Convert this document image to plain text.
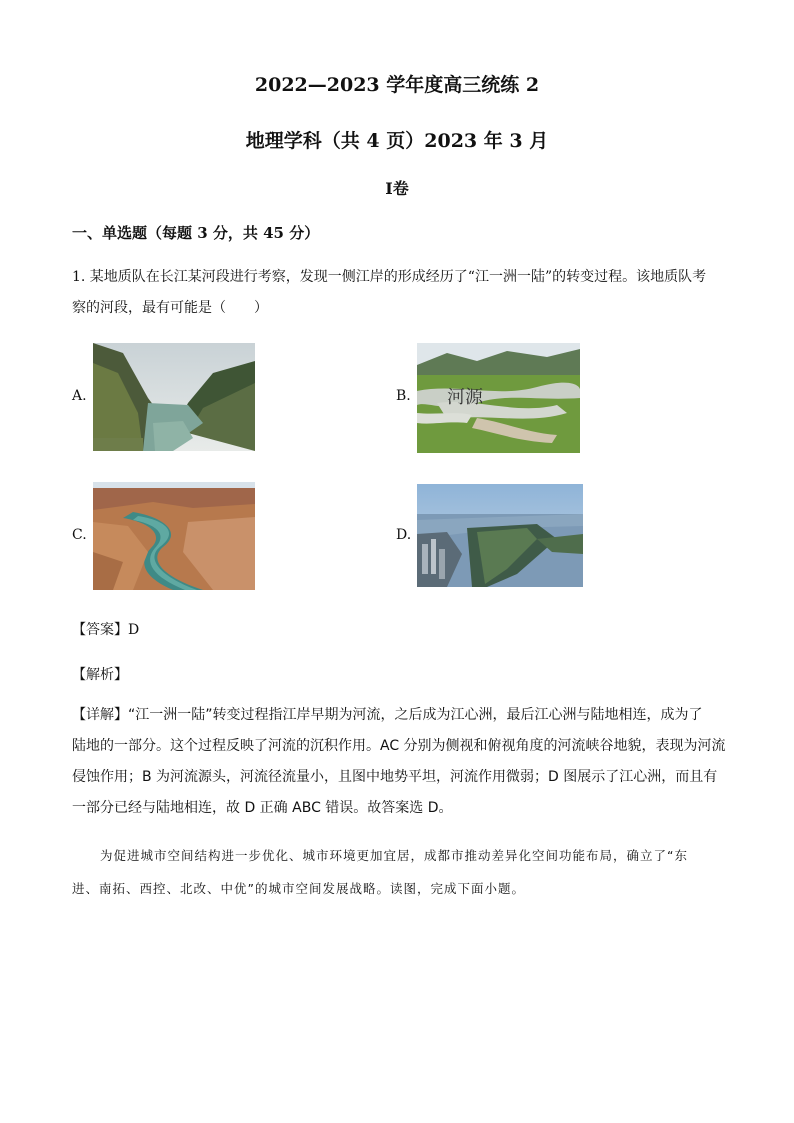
2022—2023 学年度高三统练 2
地理学科（共 4 页）2023 年 3 月
Ⅰ卷
一、单选题（每题 3 分，共 45 分）
1. 某地质队在长江某河段进行考察，发现一侧江岸的形成经历了“江一洲一陆”的转变过程。该地质队考
察的河段，最有可能是（　　）
A.	B. 河源
C.	D.
【答案】D
【解析】
【详解】“江一洲一陆”转变过程指江岸早期为河流，之后成为江心洲，最后江心洲与陆地相连，成为了
陆地的一部分。这个过程反映了河流的沉积作用。AC 分别为侧视和俯视角度的河流峡谷地貌，表现为河流
侵蚀作用；B 为河流源头，河流径流量小，且图中地势平坦，河流作用微弱；D 图展示了江心洲，而且有
一部分已经与陆地相连，故 D 正确 ABC 错误。故答案选 D。
为促进城市空间结构进一步优化、城市环境更加宜居，成都市推动差异化空间功能布局，确立了“东
进、南拓、西控、北改、中优”的城市空间发展战略。读图，完成下面小题。
